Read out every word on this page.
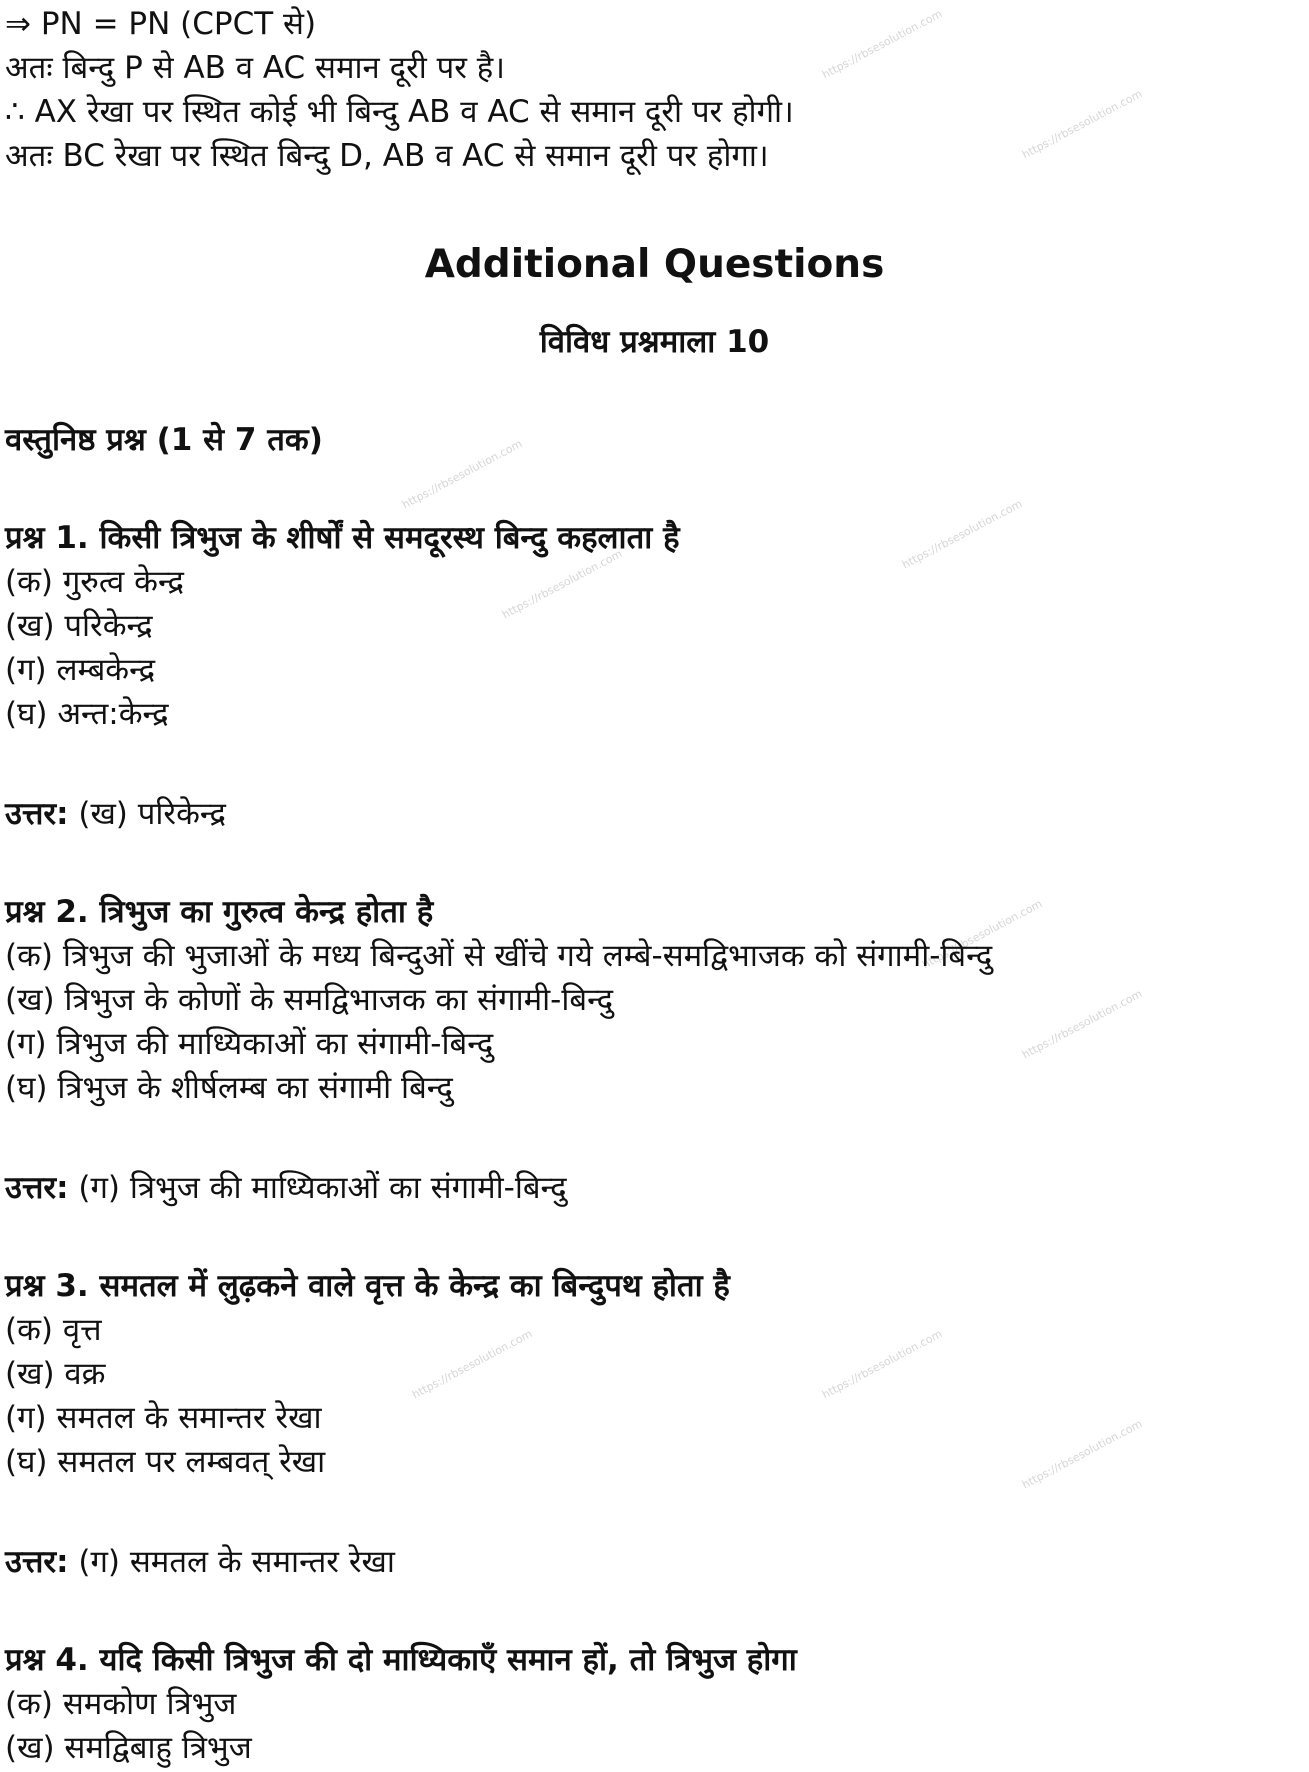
https://rbsesolution.com
https://rbsesolution.com
https://rbsesolution.com
https://rbsesolution.com
https://rbsesolution.com
https://rbsesolution.com
https://rbsesolution.com
https://rbsesolution.com	https://rbsesolution.com
https://rbsesolution.com
⇒ PN = PN (CPCT से)
अतः बिन्दु P से AB व AC समान दूरी पर है।
∴ AX रेखा पर स्थित कोई भी बिन्दु AB व AC से समान दूरी पर होगी।
अतः BC रेखा पर स्थित बिन्दु D, AB व AC से समान दूरी पर होगा।
Additional Questions
विविध प्रश्नमाला 10
वस्तुनिष्ठ प्रश्न (1 से 7 तक)
प्रश्न 1. किसी त्रिभुज के शीर्षों से समदूरस्थ बिन्दु कहलाता है
(क) गुरुत्व केन्द्र
(ख) परिकेन्द्र
(ग) लम्बकेन्द्र
(घ) अन्त:केन्द्र
उत्तर: (ख) परिकेन्द्र
प्रश्न 2. त्रिभुज का गुरुत्व केन्द्र होता है
(क) त्रिभुज की भुजाओं के मध्य बिन्दुओं से खींचे गये लम्बे-समद्विभाजक को संगामी-बिन्दु
(ख) त्रिभुज के कोणों के समद्विभाजक का संगामी-बिन्दु
(ग) त्रिभुज की माध्यिकाओं का संगामी-बिन्दु
(घ) त्रिभुज के शीर्षलम्ब का संगामी बिन्दु
उत्तर: (ग) त्रिभुज की माध्यिकाओं का संगामी-बिन्दु
प्रश्न 3. समतल में लुढ़कने वाले वृत्त के केन्द्र का बिन्दुपथ होता है
(क) वृत्त
(ख) वक्र
(ग) समतल के समान्तर रेखा
(घ) समतल पर लम्बवत् रेखा
उत्तर: (ग) समतल के समान्तर रेखा
प्रश्न 4. यदि किसी त्रिभुज की दो माध्यिकाएँ समान हों, तो त्रिभुज होगा
(क) समकोण त्रिभुज
(ख) समद्विबाहु त्रिभुज
